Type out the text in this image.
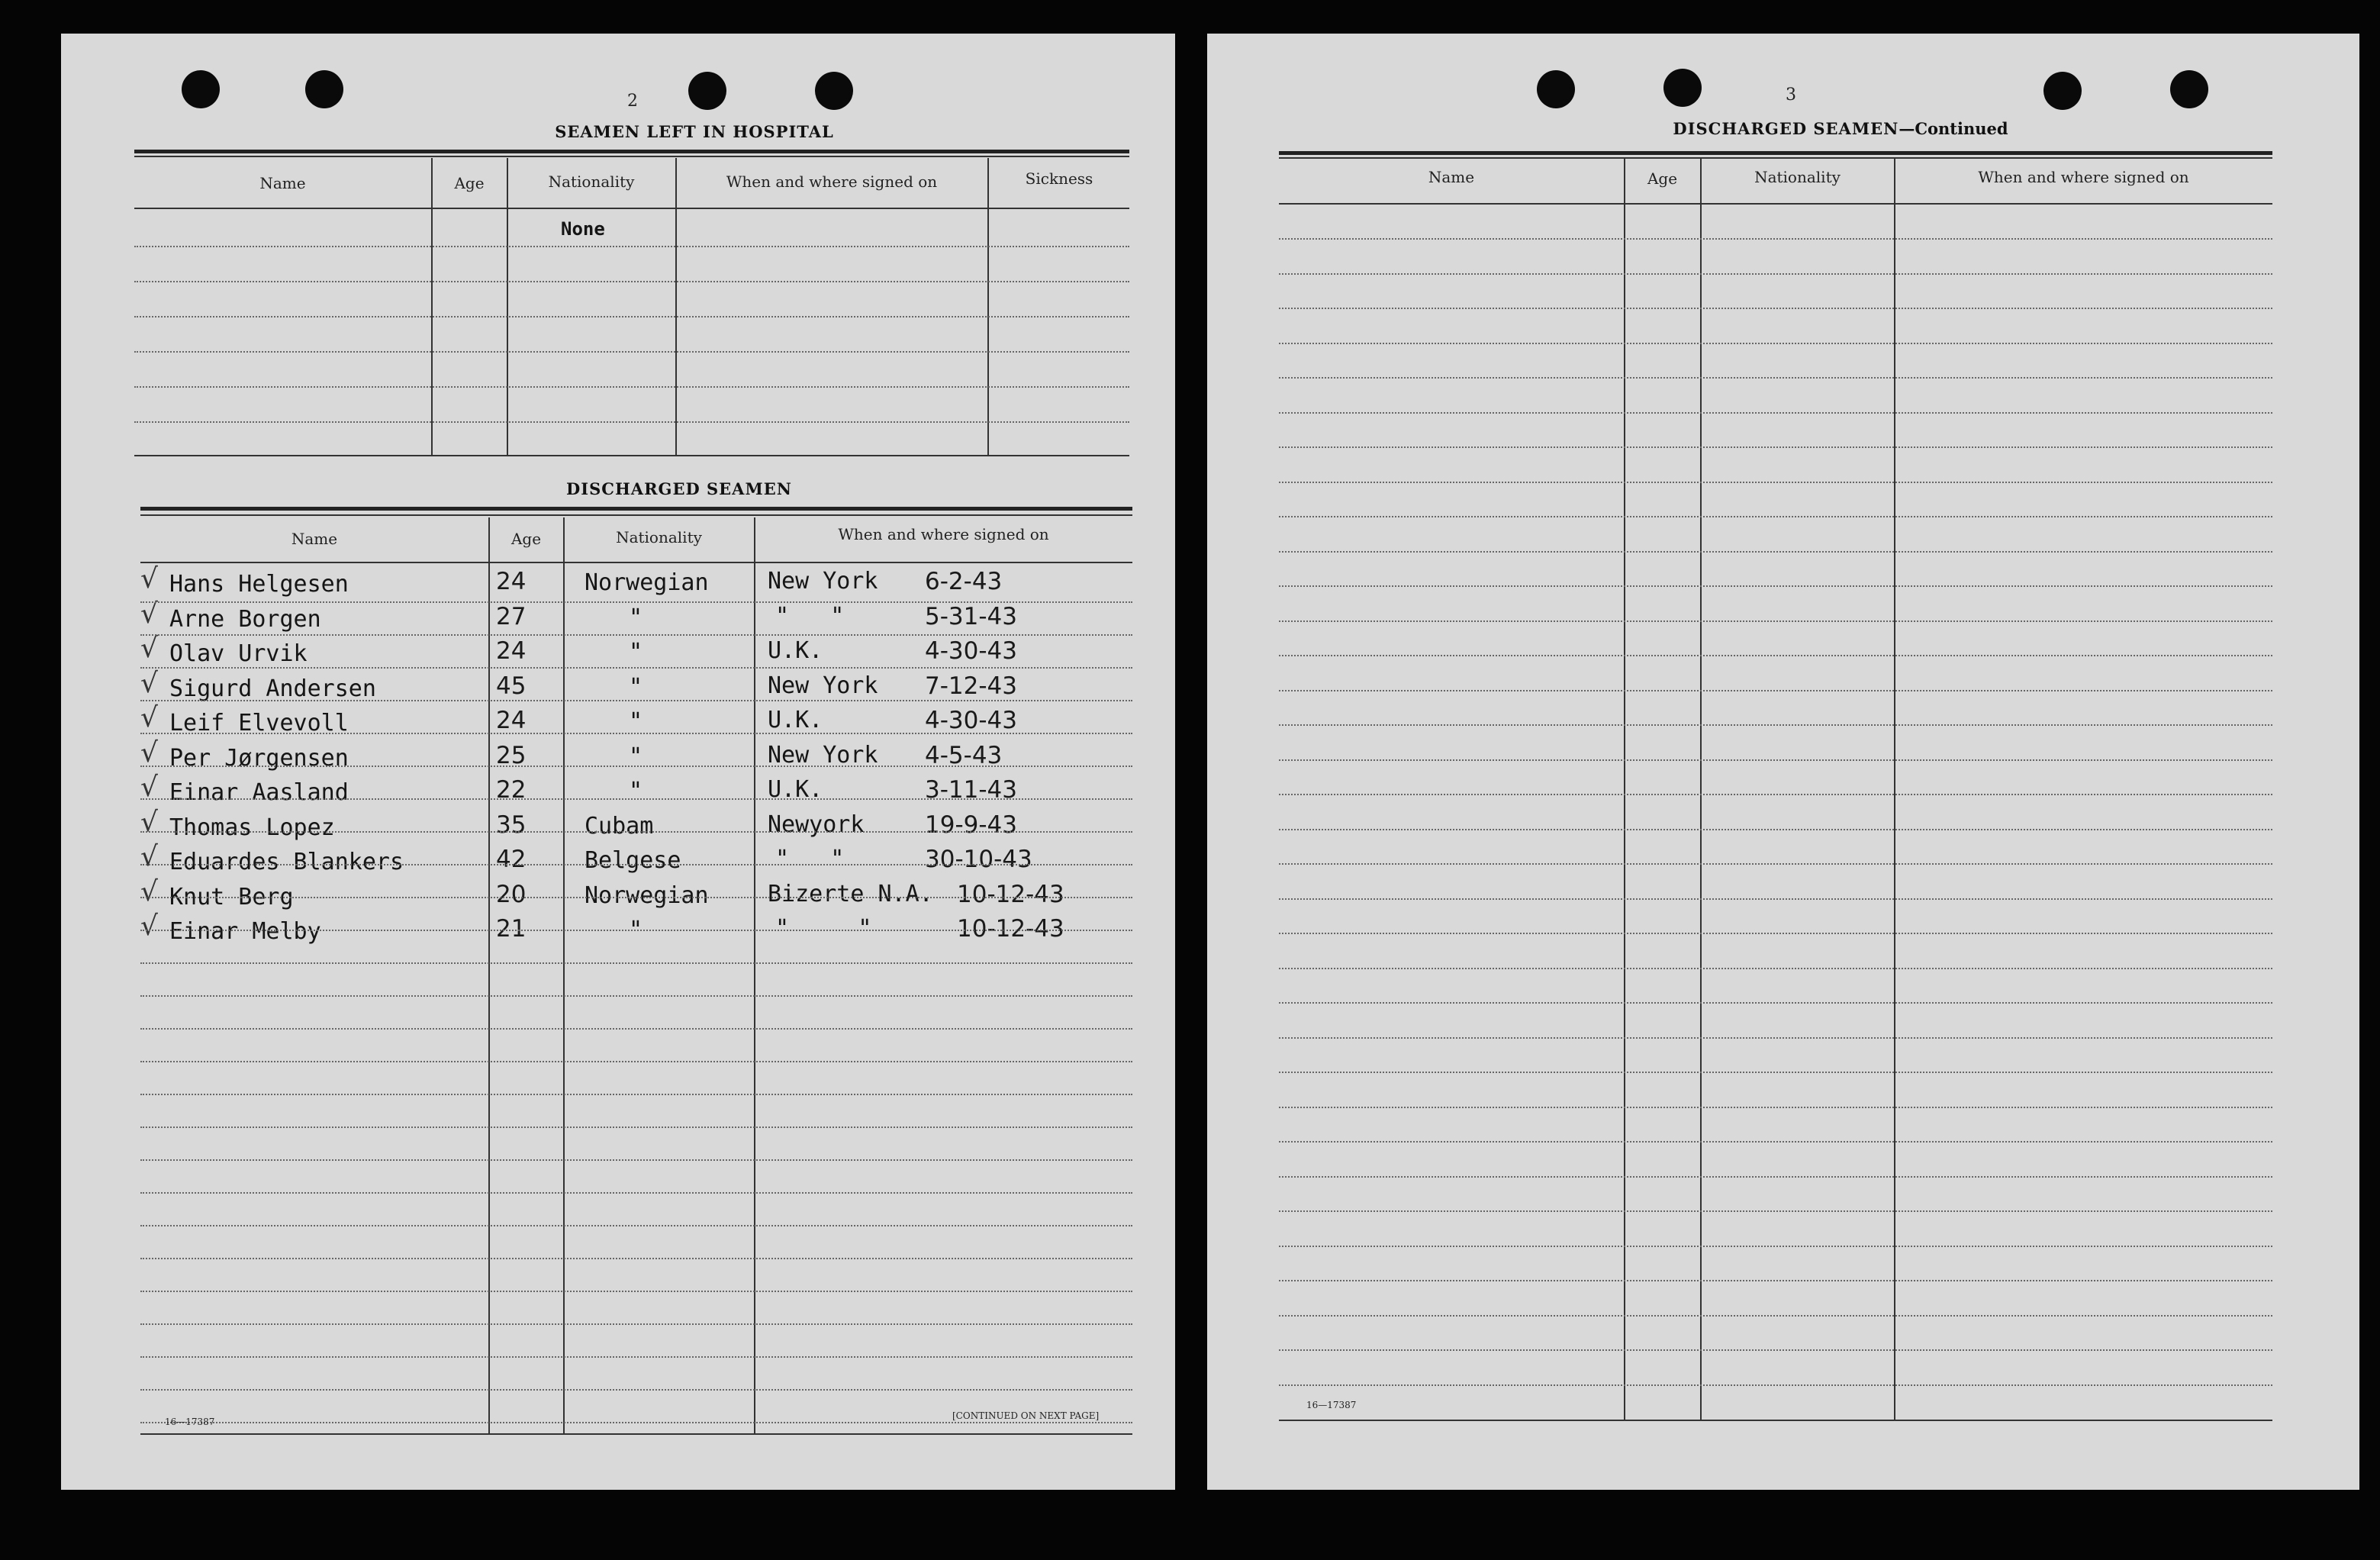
2
SEAMEN LEFT IN HOSPITAL
Name	Age	Nationality	When and where signed on	Sickness
None
DISCHARGED SEAMEN
Name	Age	Nationality	When and where signed on
√ Hans Helgesen	24	Norwegian	New York 6-2-43
√ Arne Borgen	27	"	"   "	5-31-43
√ Olav Urvik	24	"	U.K.	4-30-43
√ Sigurd Andersen	45	"	New York 7-12-43
√ Leif Elvevoll	24	"	U.K.	4-30-43
√ Per Jørgensen	25	"	New York 4-5-43
√ Einar Aasland	22	"	U.K.	3-11-43
√ Thomas Lopez	35	Cubam	Newyork	19-9-43
√ Eduardes Blankers	42	Belgese	"   "	30-10-43
√ Knut Berg	20	Norwegian	Bizerte N.A. 10-12-43
√ Einar Melby	21	"	"     "	10-12-43
16—17387
[CONTINUED ON NEXT PAGE]
3
DISCHARGED SEAMEN—Continued
Name	Age	Nationality	When and where signed on
16—17387
